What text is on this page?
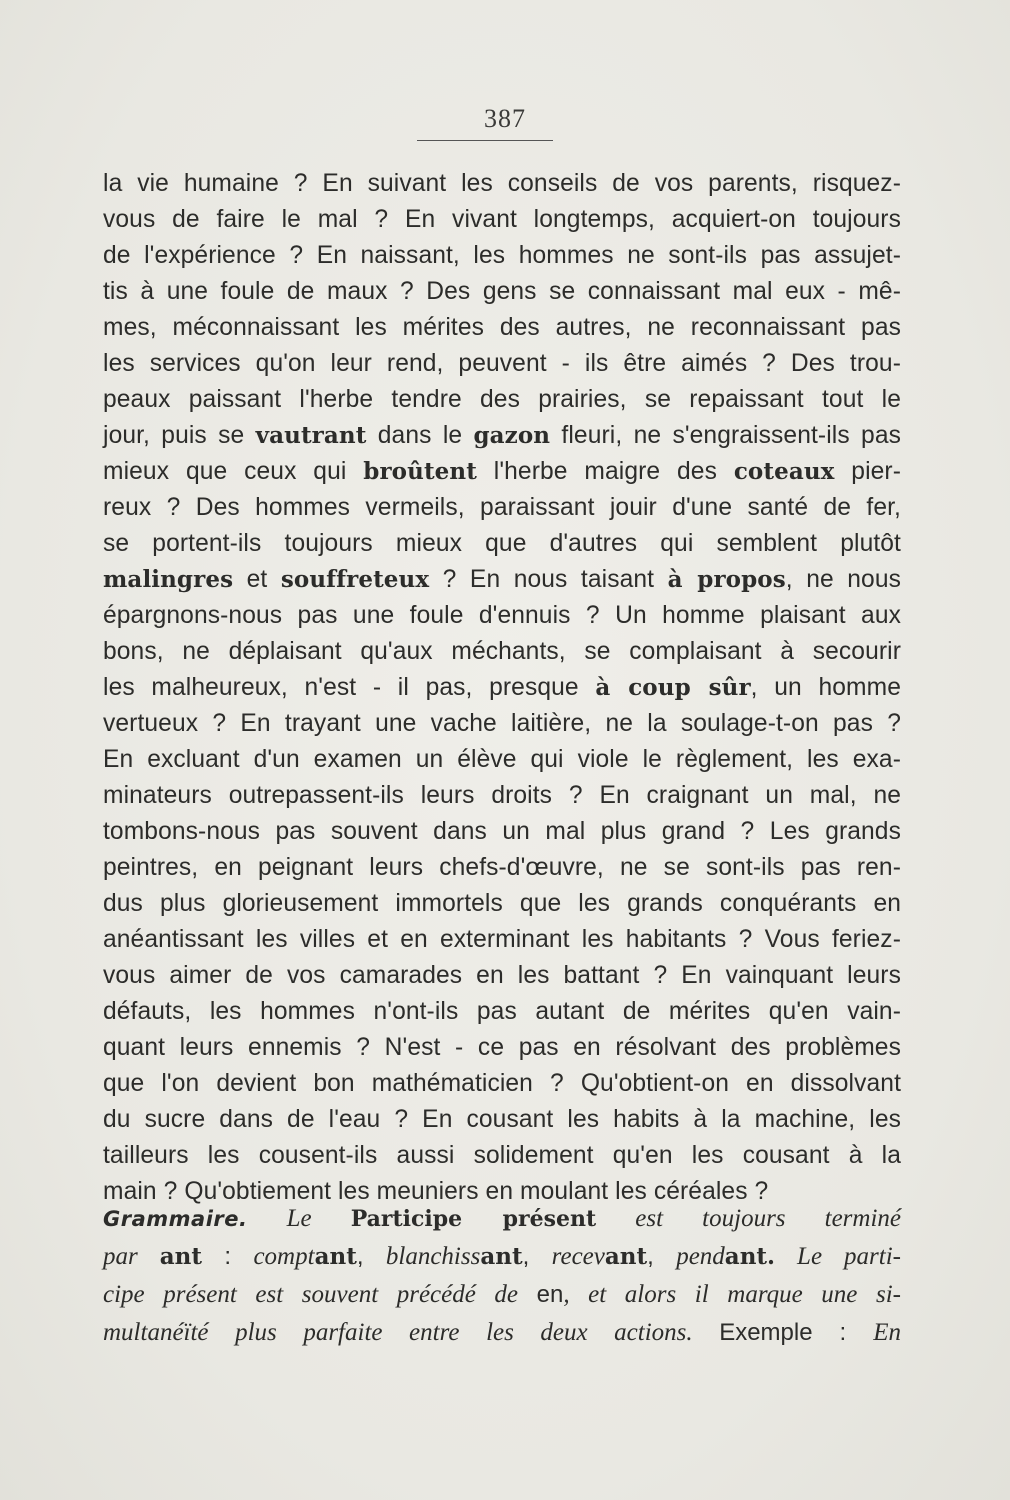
387
la vie humaine ? En suivant les conseils de vos parents, risquez-
vous de faire le mal ? En vivant longtemps, acquiert-on toujours
de l'expérience ? En naissant, les hommes ne sont-ils pas assujet-
tis à une foule de maux ? Des gens se connaissant mal eux - mê-
mes, méconnaissant les mérites des autres, ne reconnaissant pas
les services qu'on leur rend, peuvent - ils être aimés ? Des trou-
peaux paissant l'herbe tendre des prairies, se repaissant tout le
jour, puis se vautrant dans le gazon fleuri, ne s'engraissent-ils pas
mieux que ceux qui broûtent l'herbe maigre des coteaux pier-
reux ? Des hommes vermeils, paraissant jouir d'une santé de fer,
se portent-ils toujours mieux que d'autres qui semblent plutôt
malingres et souffreteux ? En nous taisant à propos, ne nous
épargnons-nous pas une foule d'ennuis ? Un homme plaisant aux
bons, ne déplaisant qu'aux méchants, se complaisant à secourir
les malheureux, n'est - il pas, presque à coup sûr, un homme
vertueux ? En trayant une vache laitière, ne la soulage-t-on pas ?
En excluant d'un examen un élève qui viole le règlement, les exa-
minateurs outrepassent-ils leurs droits ? En craignant un mal, ne
tombons-nous pas souvent dans un mal plus grand ? Les grands
peintres, en peignant leurs chefs-d'œuvre, ne se sont-ils pas ren-
dus plus glorieusement immortels que les grands conquérants en
anéantissant les villes et en exterminant les habitants ? Vous feriez-
vous aimer de vos camarades en les battant ? En vainquant leurs
défauts, les hommes n'ont-ils pas autant de mérites qu'en vain-
quant leurs ennemis ? N'est - ce pas en résolvant des problèmes
que l'on devient bon mathématicien ? Qu'obtient-on en dissolvant
du sucre dans de l'eau ? En cousant les habits à la machine, les
tailleurs les cousent-ils aussi solidement qu'en les cousant à la
main ? Qu'obtiement les meuniers en moulant les céréales ?
Grammaire. Le Participe présent est toujours terminé
par ant : comptant, blanchissant, recevant, pendant. Le parti-
cipe présent est souvent précédé de en, et alors il marque une si-
multanéïté plus parfaite entre les deux actions. Exemple : En
